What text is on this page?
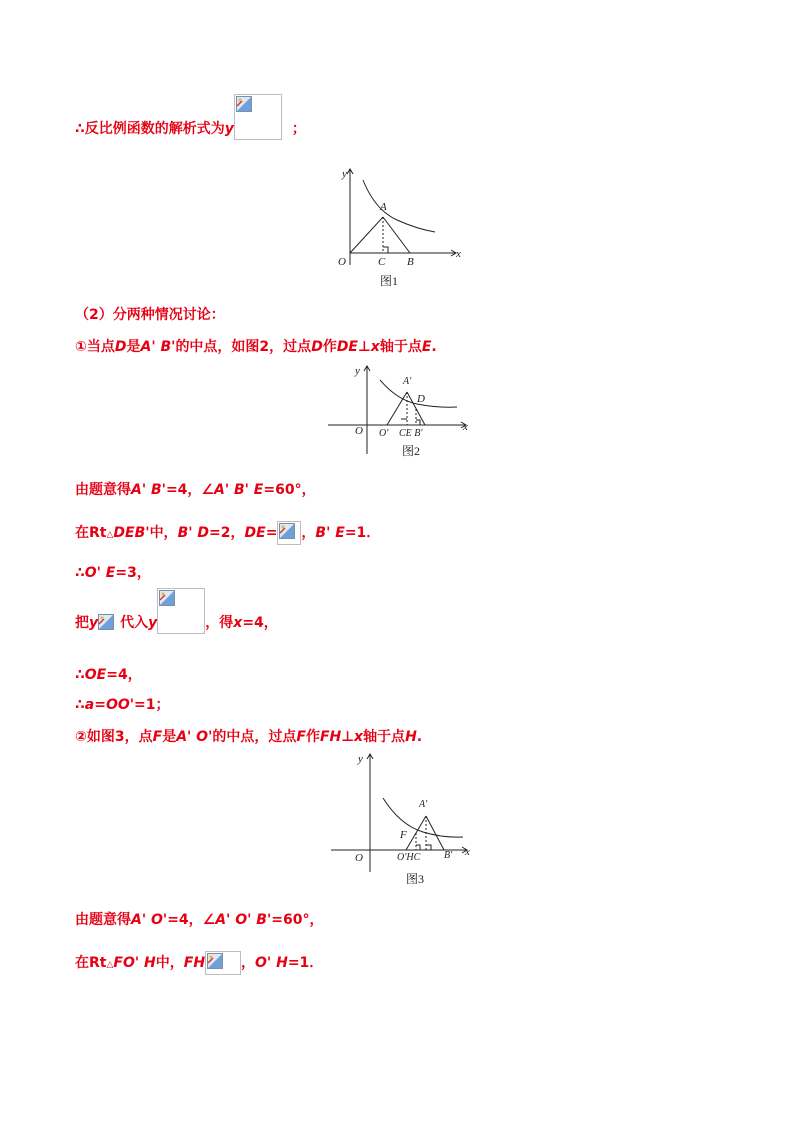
∴反比例函数的解析式为y	；
y
x
O
A
C B
图1
（2）分两种情况讨论：
①当点D是A' B'的中点，如图2，过点D作DE⊥x轴于点E.
y
x
O
A'
D
O' CE B'
图2
由题意得A' B'=4，∠A' B' E=60°，
在Rt△DEB'中，B' D=2，DE= ，B' E=1．
∴O' E=3，
把y 代入y	，得x=4，
∴OE=4，
∴a=OO'=1；
②如图3，点F是A' O'的中点，过点F作FH⊥x轴于点H.
y
x
O
A'
F
O'HC B'
图3
由题意得A' O'=4，∠A' O' B'=60°，
在Rt△FO' H中，FH	，O' H=1．
